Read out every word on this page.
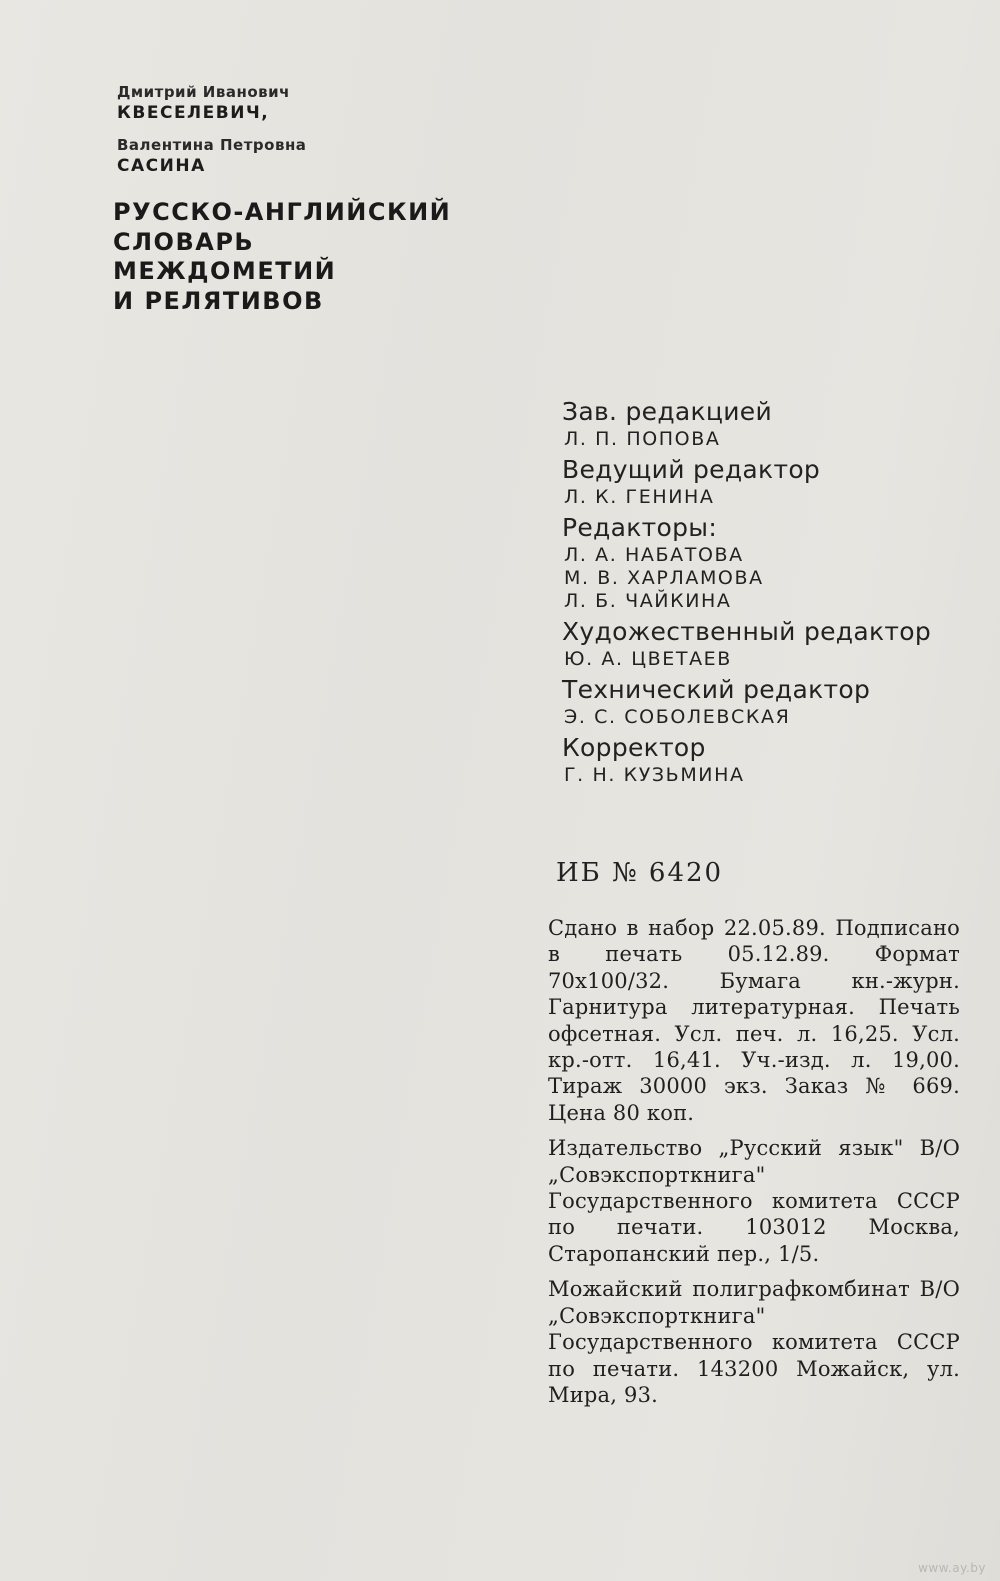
Дмитрий Иванович
КВЕСЕЛЕВИЧ,
Валентина Петровна
САСИНА
РУССКО-АНГЛИЙСКИЙ
СЛОВАРЬ
МЕЖДОМЕТИЙ
И РЕЛЯТИВОВ
Зав. редакцией
Л. П. ПОПОВА
Ведущий редактор
Л. К. ГЕНИНА
Редакторы:
Л. А. НАБАТОВА
М. В. ХАРЛАМОВА
Л. Б. ЧАЙКИНА
Художественный редактор
Ю. А. ЦВЕТАЕВ
Технический редактор
Э. С. СОБОЛЕВСКАЯ
Корректор
Г. Н. КУЗЬМИНА
ИБ № 6420

Сдано в набор 22.05.89. Подписано в печать 05.12.89. Формат 70х100/32. Бумага кн.-журн. Гарнитура литературная. Печать офсетная. Усл. печ. л. 16,25. Усл. кр.-отт. 16,41. Уч.-изд. л. 19,00. Тираж 30000 экз. Заказ № 669. Цена 80 коп.

Издательство „Русский язык" В/О „Совэкспорткнига" Государственного комитета СССР по печати. 103012 Москва, Старопанский пер., 1/5.

Можайский полиграфкомбинат В/О „Совэкспорткнига" Государственного комитета СССР по печати. 143200 Можайск, ул. Мира, 93.

www.ay.by
